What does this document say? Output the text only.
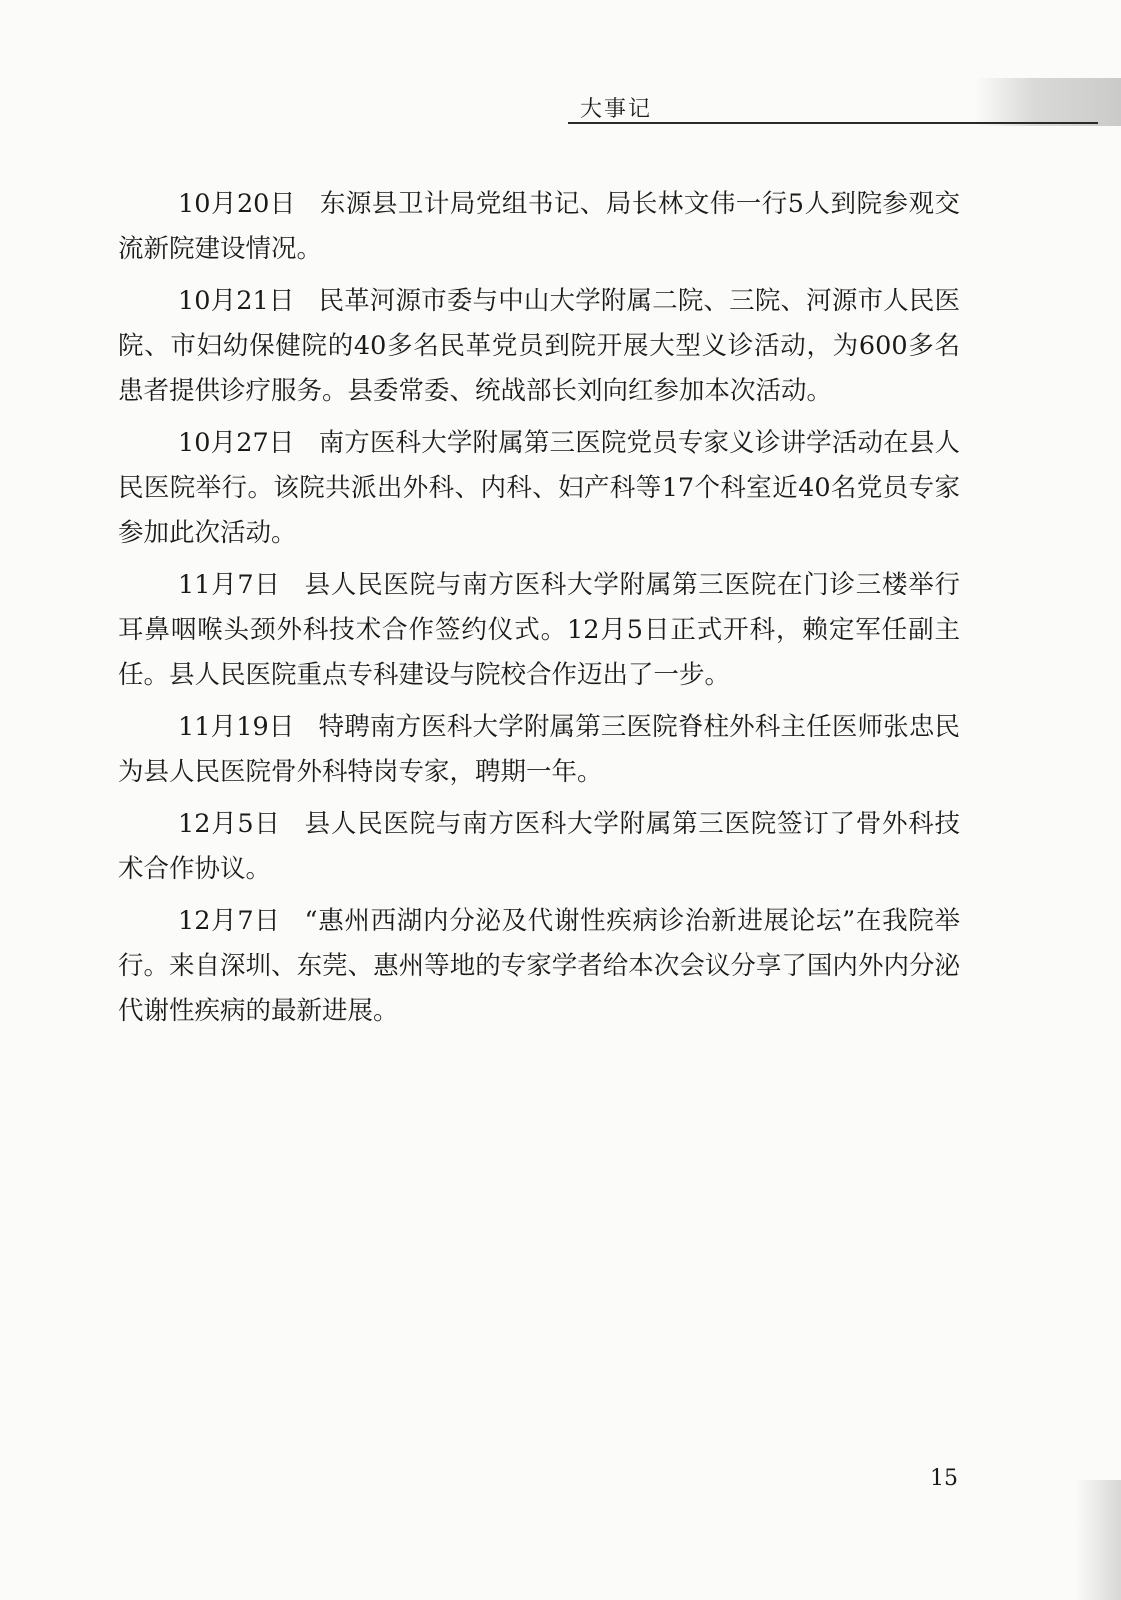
大事记

10月20日 东源县卫计局党组书记、局长林文伟一行5人到院参观交流新院建设情况。

10月21日 民革河源市委与中山大学附属二院、三院、河源市人民医院、市妇幼保健院的40多名民革党员到院开展大型义诊活动，为600多名患者提供诊疗服务。县委常委、统战部长刘向红参加本次活动。

10月27日 南方医科大学附属第三医院党员专家义诊讲学活动在县人民医院举行。该院共派出外科、内科、妇产科等17个科室近40名党员专家参加此次活动。

11月7日 县人民医院与南方医科大学附属第三医院在门诊三楼举行耳鼻咽喉头颈外科技术合作签约仪式。12月5日正式开科，赖定军任副主任。县人民医院重点专科建设与院校合作迈出了一步。

11月19日 特聘南方医科大学附属第三医院脊柱外科主任医师张忠民为县人民医院骨外科特岗专家，聘期一年。

12月5日 县人民医院与南方医科大学附属第三医院签订了骨外科技术合作协议。

12月7日 “惠州西湖内分泌及代谢性疾病诊治新进展论坛”在我院举行。来自深圳、东莞、惠州等地的专家学者给本次会议分享了国内外内分泌代谢性疾病的最新进展。

15
